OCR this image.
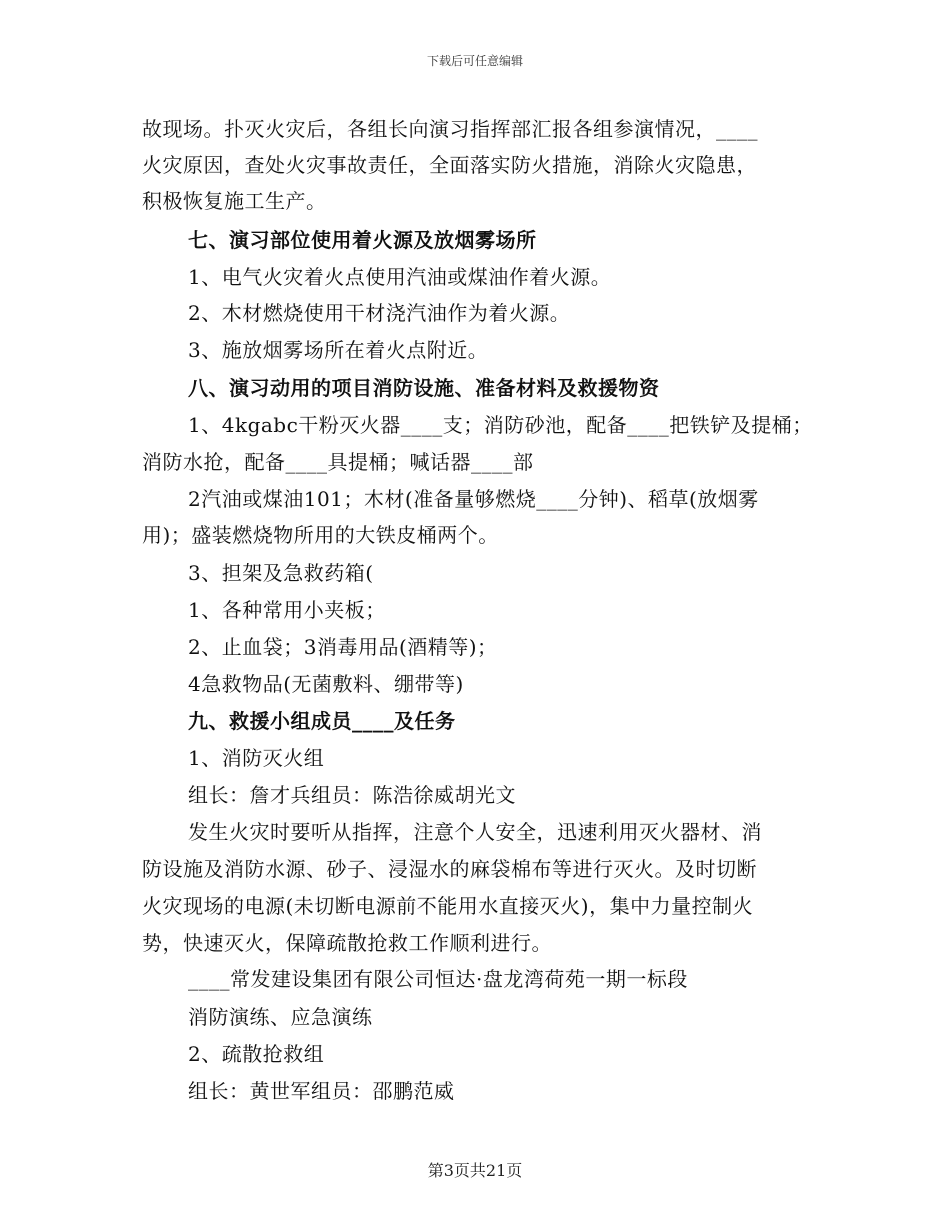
下载后可任意编辑
故现场。扑灭火灾后，各组长向演习指挥部汇报各组参演情况，____
火灾原因，查处火灾事故责任，全面落实防火措施，消除火灾隐患，
积极恢复施工生产。
七、演习部位使用着火源及放烟雾场所
1、电气火灾着火点使用汽油或煤油作着火源。
2、木材燃烧使用干材浇汽油作为着火源。
3、施放烟雾场所在着火点附近。
八、演习动用的项目消防设施、准备材料及救援物资
1、4kgabc干粉灭火器____支；消防砂池，配备____把铁铲及提桶；
消防水抢，配备____具提桶；喊话器____部
2汽油或煤油101；木材(准备量够燃烧____分钟)、稻草(放烟雾
用)；盛装燃烧物所用的大铁皮桶两个。
3、担架及急救药箱(
1、各种常用小夹板；
2、止血袋；3消毒用品(酒精等)；
4急救物品(无菌敷料、绷带等)
九、救援小组成员____及任务
1、消防灭火组
组长：詹才兵组员：陈浩徐威胡光文
发生火灾时要听从指挥，注意个人安全，迅速利用灭火器材、消
防设施及消防水源、砂子、浸湿水的麻袋棉布等进行灭火。及时切断
火灾现场的电源(未切断电源前不能用水直接灭火)，集中力量控制火
势，快速灭火，保障疏散抢救工作顺利进行。
____常发建设集团有限公司恒达·盘龙湾荷苑一期一标段
消防演练、应急演练
2、疏散抢救组
组长：黄世军组员：邵鹏范威
第3页共21页
